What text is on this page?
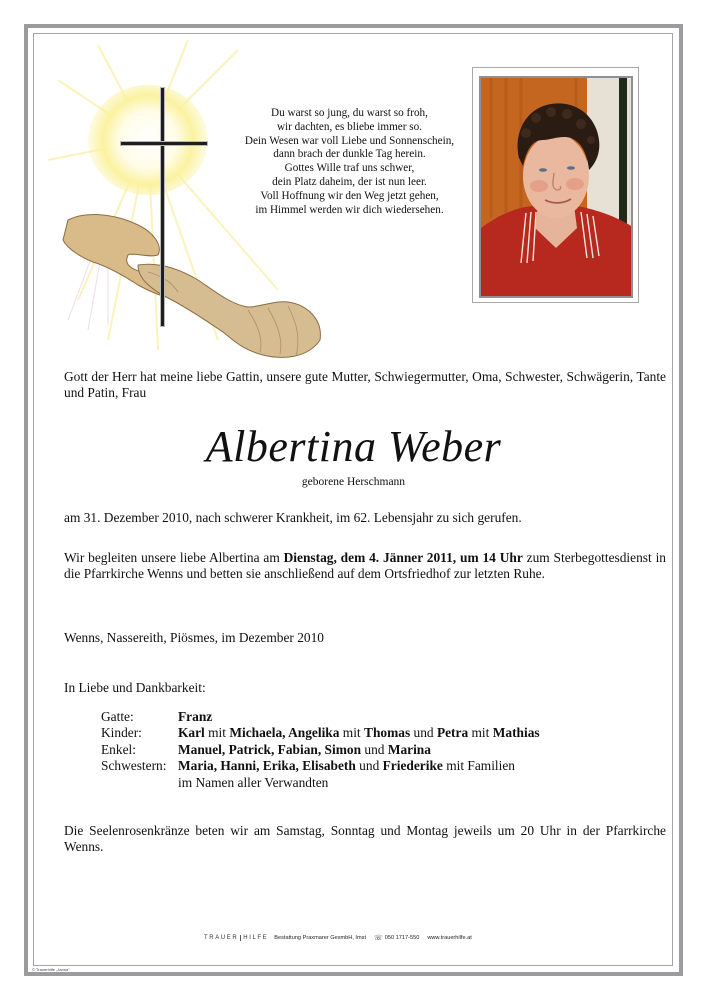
© Trauerhilfe „Jansa"
Du warst so jung, du warst so froh,
wir dachten, es bliebe immer so.
Dein Wesen war voll Liebe und Sonnenschein,
dann brach der dunkle Tag herein.
Gottes Wille traf uns schwer,
dein Platz daheim, der ist nun leer.
Voll Hoffnung wir den Weg jetzt gehen,
im Himmel werden wir dich wiedersehen.
Gott der Herr hat meine liebe Gattin, unsere gute Mutter, Schwiegermutter, Oma, Schwester, Schwägerin, Tante und Patin, Frau
Albertina Weber
geborene Herschmann
am 31. Dezember 2010, nach schwerer Krankheit, im 62. Lebensjahr zu sich gerufen.
Wir begleiten unsere liebe Albertina am Dienstag, dem 4. Jänner 2011, um 14 Uhr zum Sterbegottesdienst in die Pfarrkirche Wenns und betten sie anschließend auf dem Ortsfriedhof zur letzten Ruhe.
Wenns, Nassereith, Piösmes, im Dezember 2010
In Liebe und Dankbarkeit:
Gatte:	Franz
Kinder:	Karl mit Michaela, Angelika mit Thomas und Petra mit Mathias
Enkel:	Manuel, Patrick, Fabian, Simon und Marina
Schwestern: Maria, Hanni, Erika, Elisabeth und Friederike mit Familien
im Namen aller Verwandten
Die Seelenrosenkränze beten wir am Samstag, Sonntag und Montag jeweils um 20 Uhr in der Pfarrkirche Wenns.
TRAUER HILFE Bestattung Praxmarer GesmbH, Imst ☏ 050 1717-550 www.trauerhilfe.at
